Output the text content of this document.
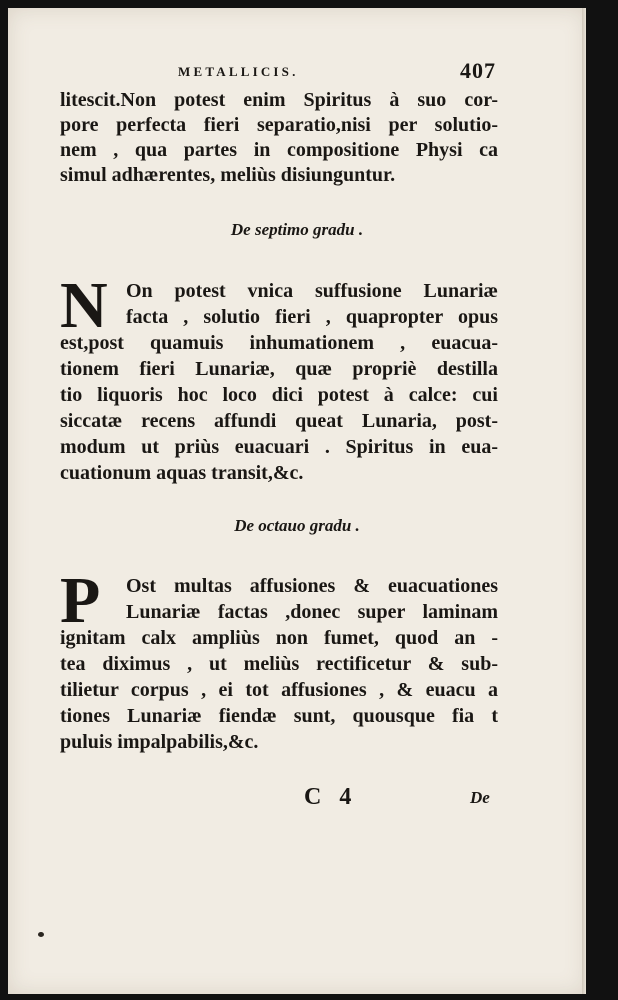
METALLICIS.	407
litescit.Non potest enim Spiritus à suo cor-
pore perfecta fieri separatio,nisi per solutio-
nem , qua partes in compositione Physi ca
simul adhærentes, meliùs disiunguntur.
De septimo gradu .
N On potest vnica suffusione Lunariæ
facta , solutio fieri , quapropter opus
est,post quamuis inhumationem , euacua-
tionem fieri Lunariæ, quæ propriè destilla
tio liquoris hoc loco dici potest à calce: cui
siccatæ recens affundi queat Lunaria, post-
modum ut priùs euacuari . Spiritus in eua-
cuationum aquas transit,&c.
De octauo gradu .
P Ost multas affusiones & euacuationes
Lunariæ factas ,donec super laminam
ignitam calx ampliùs non fumet, quod an -
tea diximus , ut meliùs rectificetur & sub-
tilietur corpus , ei tot affusiones , & euacu a
tiones Lunariæ fiendæ sunt, quousque fia t
puluis impalpabilis,&c.
C 4	De
